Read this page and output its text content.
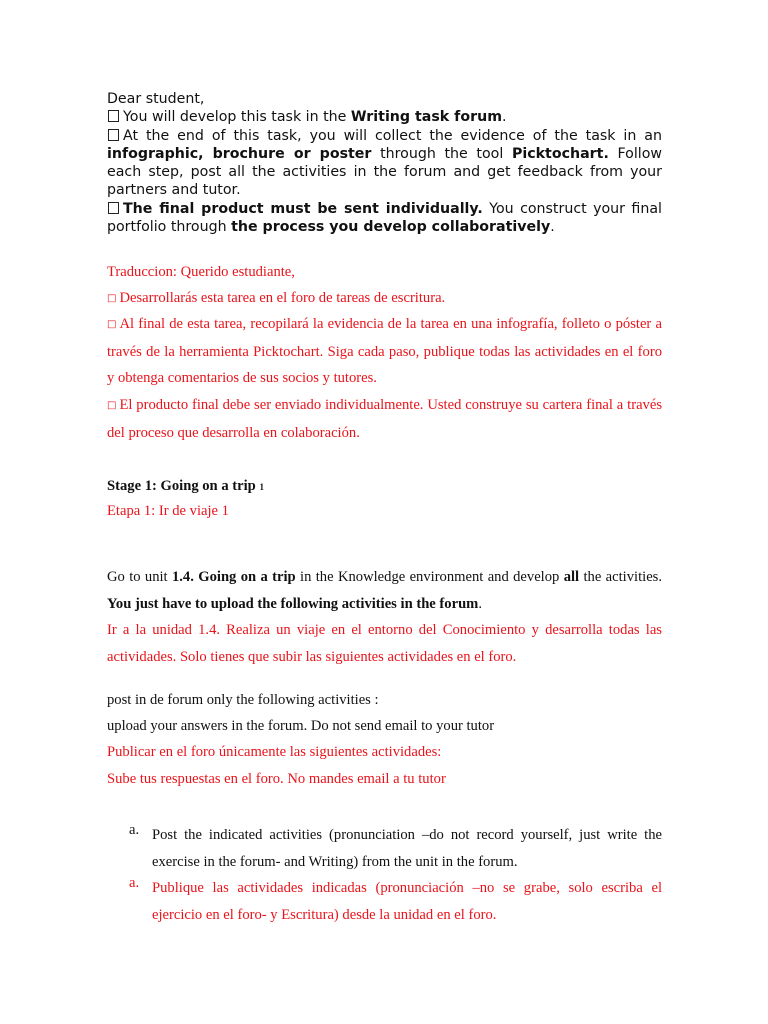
Dear student,
You will develop this task in the Writing task forum.
At the end of this task, you will collect the evidence of the task in an infographic, brochure or poster through the tool Picktochart. Follow each step, post all the activities in the forum and get feedback from your partners and tutor.
The final product must be sent individually. You construct your final portfolio through the process you develop collaboratively.

Traduccion: Querido estudiante,

□ Desarrollarás esta tarea en el foro de tareas de escritura.

□ Al final de esta tarea, recopilará la evidencia de la tarea en una infografía, folleto o póster a través de la herramienta Picktochart. Siga cada paso, publique todas las actividades en el foro y obtenga comentarios de sus socios y tutores.

□ El producto final debe ser enviado individualmente. Usted construye su cartera final a través del proceso que desarrolla en colaboración.

Stage 1: Going on a trip 1

Etapa 1: Ir de viaje 1

Go to unit 1.4. Going on a trip in the Knowledge environment and develop all the activities. You just have to upload the following activities in the forum.

Ir a la unidad 1.4. Realiza un viaje en el entorno del Conocimiento y desarrolla todas las actividades. Solo tienes que subir las siguientes actividades en el foro.

post in de forum only the following activities :

upload your answers in the forum. Do not send email to your tutor

Publicar en el foro únicamente las siguientes actividades:

Sube tus respuestas en el foro. No mandes email a tu tutor

a. Post the indicated activities (pronunciation –do not record yourself, just write the exercise in the forum- and Writing) from the unit in the forum.

a. Publique las actividades indicadas (pronunciación –no se grabe, solo escriba el ejercicio en el foro- y Escritura) desde la unidad en el foro.
